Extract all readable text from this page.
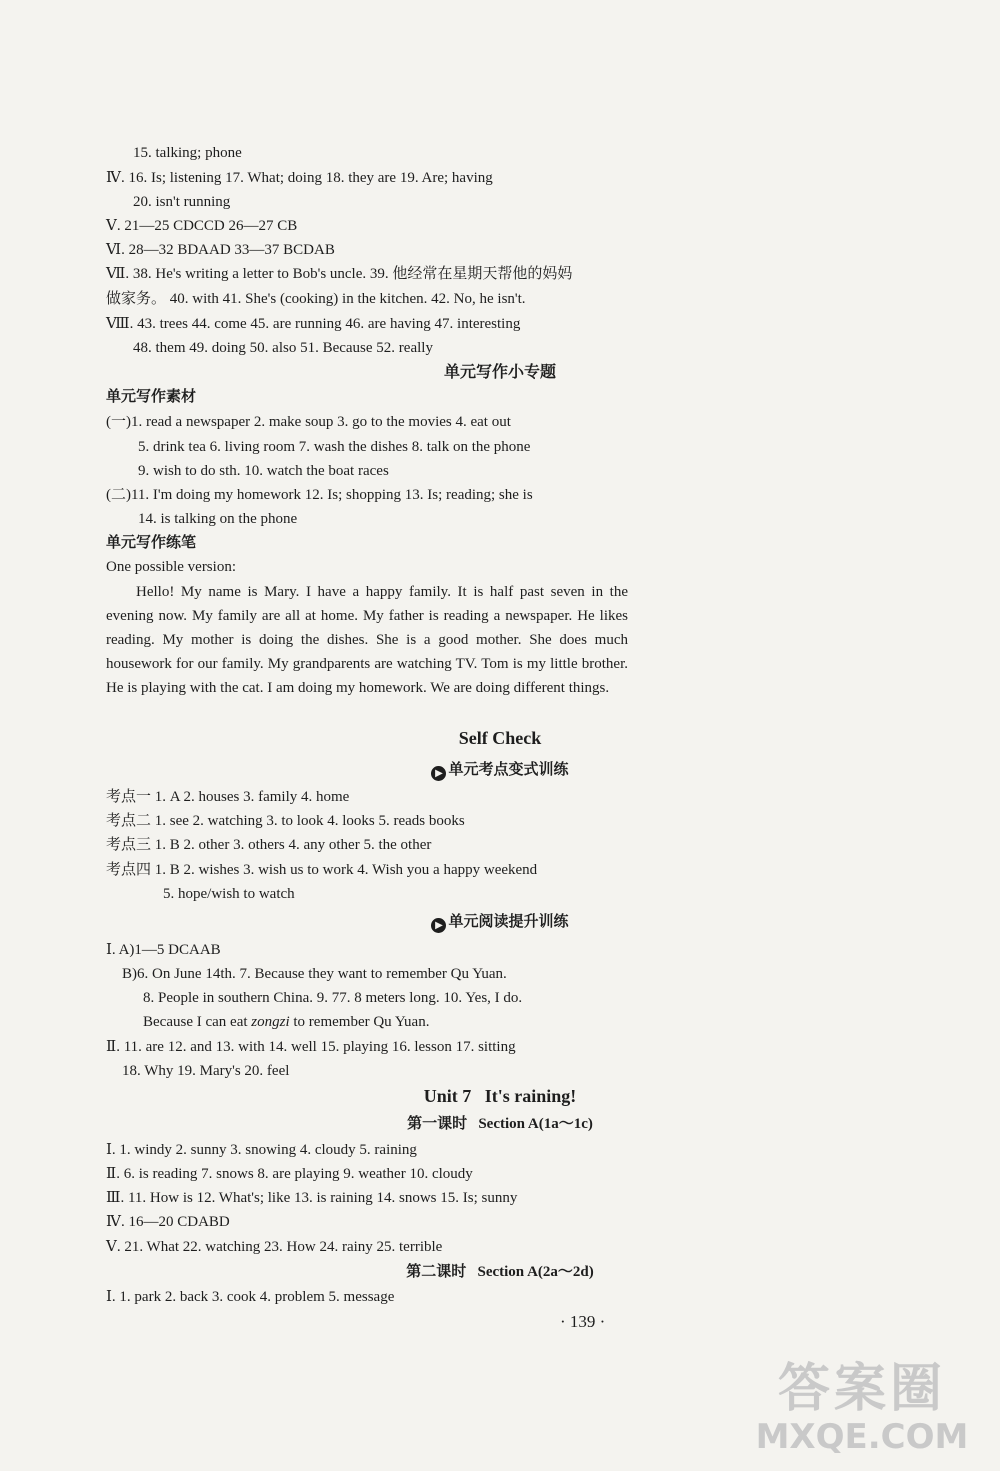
15. talking; phone
Ⅳ. 16. Is; listening 17. What; doing 18. they are 19. Are; having
20. isn't running
Ⅴ. 21—25 CDCCD 26—27 CB
Ⅵ. 28—32 BDAAD 33—37 BCDAB
Ⅶ. 38. He's writing a letter to Bob's uncle. 39. 他经常在星期天帮他的妈妈
做家务。 40. with 41. She's (cooking) in the kitchen. 42. No, he isn't.
Ⅷ. 43. trees 44. come 45. are running 46. are having 47. interesting
48. them 49. doing 50. also 51. Because 52. really
单元写作小专题
单元写作素材
(一)1. read a newspaper 2. make soup 3. go to the movies 4. eat out
5. drink tea 6. living room 7. wash the dishes 8. talk on the phone
9. wish to do sth. 10. watch the boat races
(二)11. I'm doing my homework 12. Is; shopping 13. Is; reading; she is
14. is talking on the phone
单元写作练笔
One possible version:
Hello! My name is Mary. I have a happy family. It is half past seven in the evening now. My family are all at home. My father is reading a newspaper. He likes reading. My mother is doing the dishes. She is a good mother. She does much housework for our family. My grandparents are watching TV. Tom is my little brother. He is playing with the cat. I am doing my homework. We are doing different things.
Self Check
▶ 单元考点变式训练
考点一 1. A 2. houses 3. family 4. home
考点二 1. see 2. watching 3. to look 4. looks 5. reads books
考点三 1. B 2. other 3. others 4. any other 5. the other
考点四 1. B 2. wishes 3. wish us to work 4. Wish you a happy weekend
5. hope/wish to watch
▶ 单元阅读提升训练
Ⅰ. A)1—5 DCAAB
B)6. On June 14th. 7. Because they want to remember Qu Yuan.
8. People in southern China. 9. 77. 8 meters long. 10. Yes, I do.
Because I can eat zongzi to remember Qu Yuan.
Ⅱ. 11. are 12. and 13. with 14. well 15. playing 16. lesson 17. sitting
18. Why 19. Mary's 20. feel
Unit 7   It's raining!
第一课时   Section A(1a～1c)
Ⅰ. 1. windy 2. sunny 3. snowing 4. cloudy 5. raining
Ⅱ. 6. is reading 7. snows 8. are playing 9. weather 10. cloudy
Ⅲ. 11. How is 12. What's; like 13. is raining 14. snows 15. Is; sunny
Ⅳ. 16—20 CDABD
Ⅴ. 21. What 22. watching 23. How 24. rainy 25. terrible
第二课时   Section A(2a～2d)
Ⅰ. 1. park 2. back 3. cook 4. problem 5. message
· 139 ·
答案圈
MXQE.COM
